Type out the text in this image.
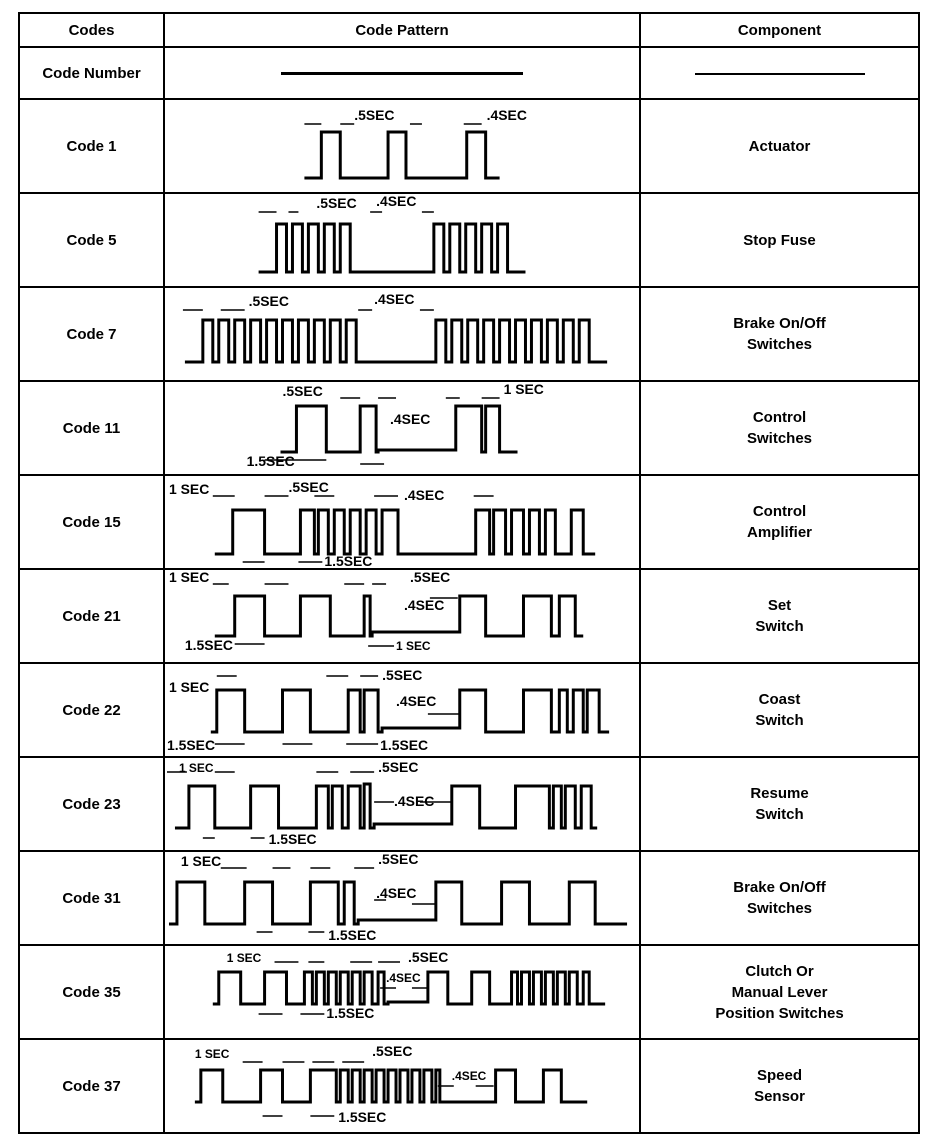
Codes	Code Pattern	Component
Code Number		
Code 1	.5SEC .4SEC	Actuator

Code 5	.5SEC .4SEC	Stop Fuse

Code 7	.5SEC .4SEC	Brake On/Off
Switches

Code 11	.5SEC 1 SEC
.4SEC
1.5SEC	Control
Switches

Code 15	1 SEC .5SEC .4SEC
1.5SEC	Control
Amplifier

Code 21	1 SEC .5SEC
.4SEC
1.5SEC 1 SEC	Set
Switch

Code 22	1 SEC
.5SEC
.4SEC
1.5SEC 1.5SEC	Coast
Switch

Code 23	1 SEC .5SEC
.4SEC
1.5SEC	Resume
Switch

Code 31	1 SEC .5SEC
.4SEC
1.5SEC	Brake On/Off
Switches

Code 35	1 SEC .5SEC
.4SEC
1.5SEC	Clutch Or
Manual Lever
Position Switches

Code 37	1 SEC .5SEC
.4SEC
1.5SEC	Speed
Sensor
